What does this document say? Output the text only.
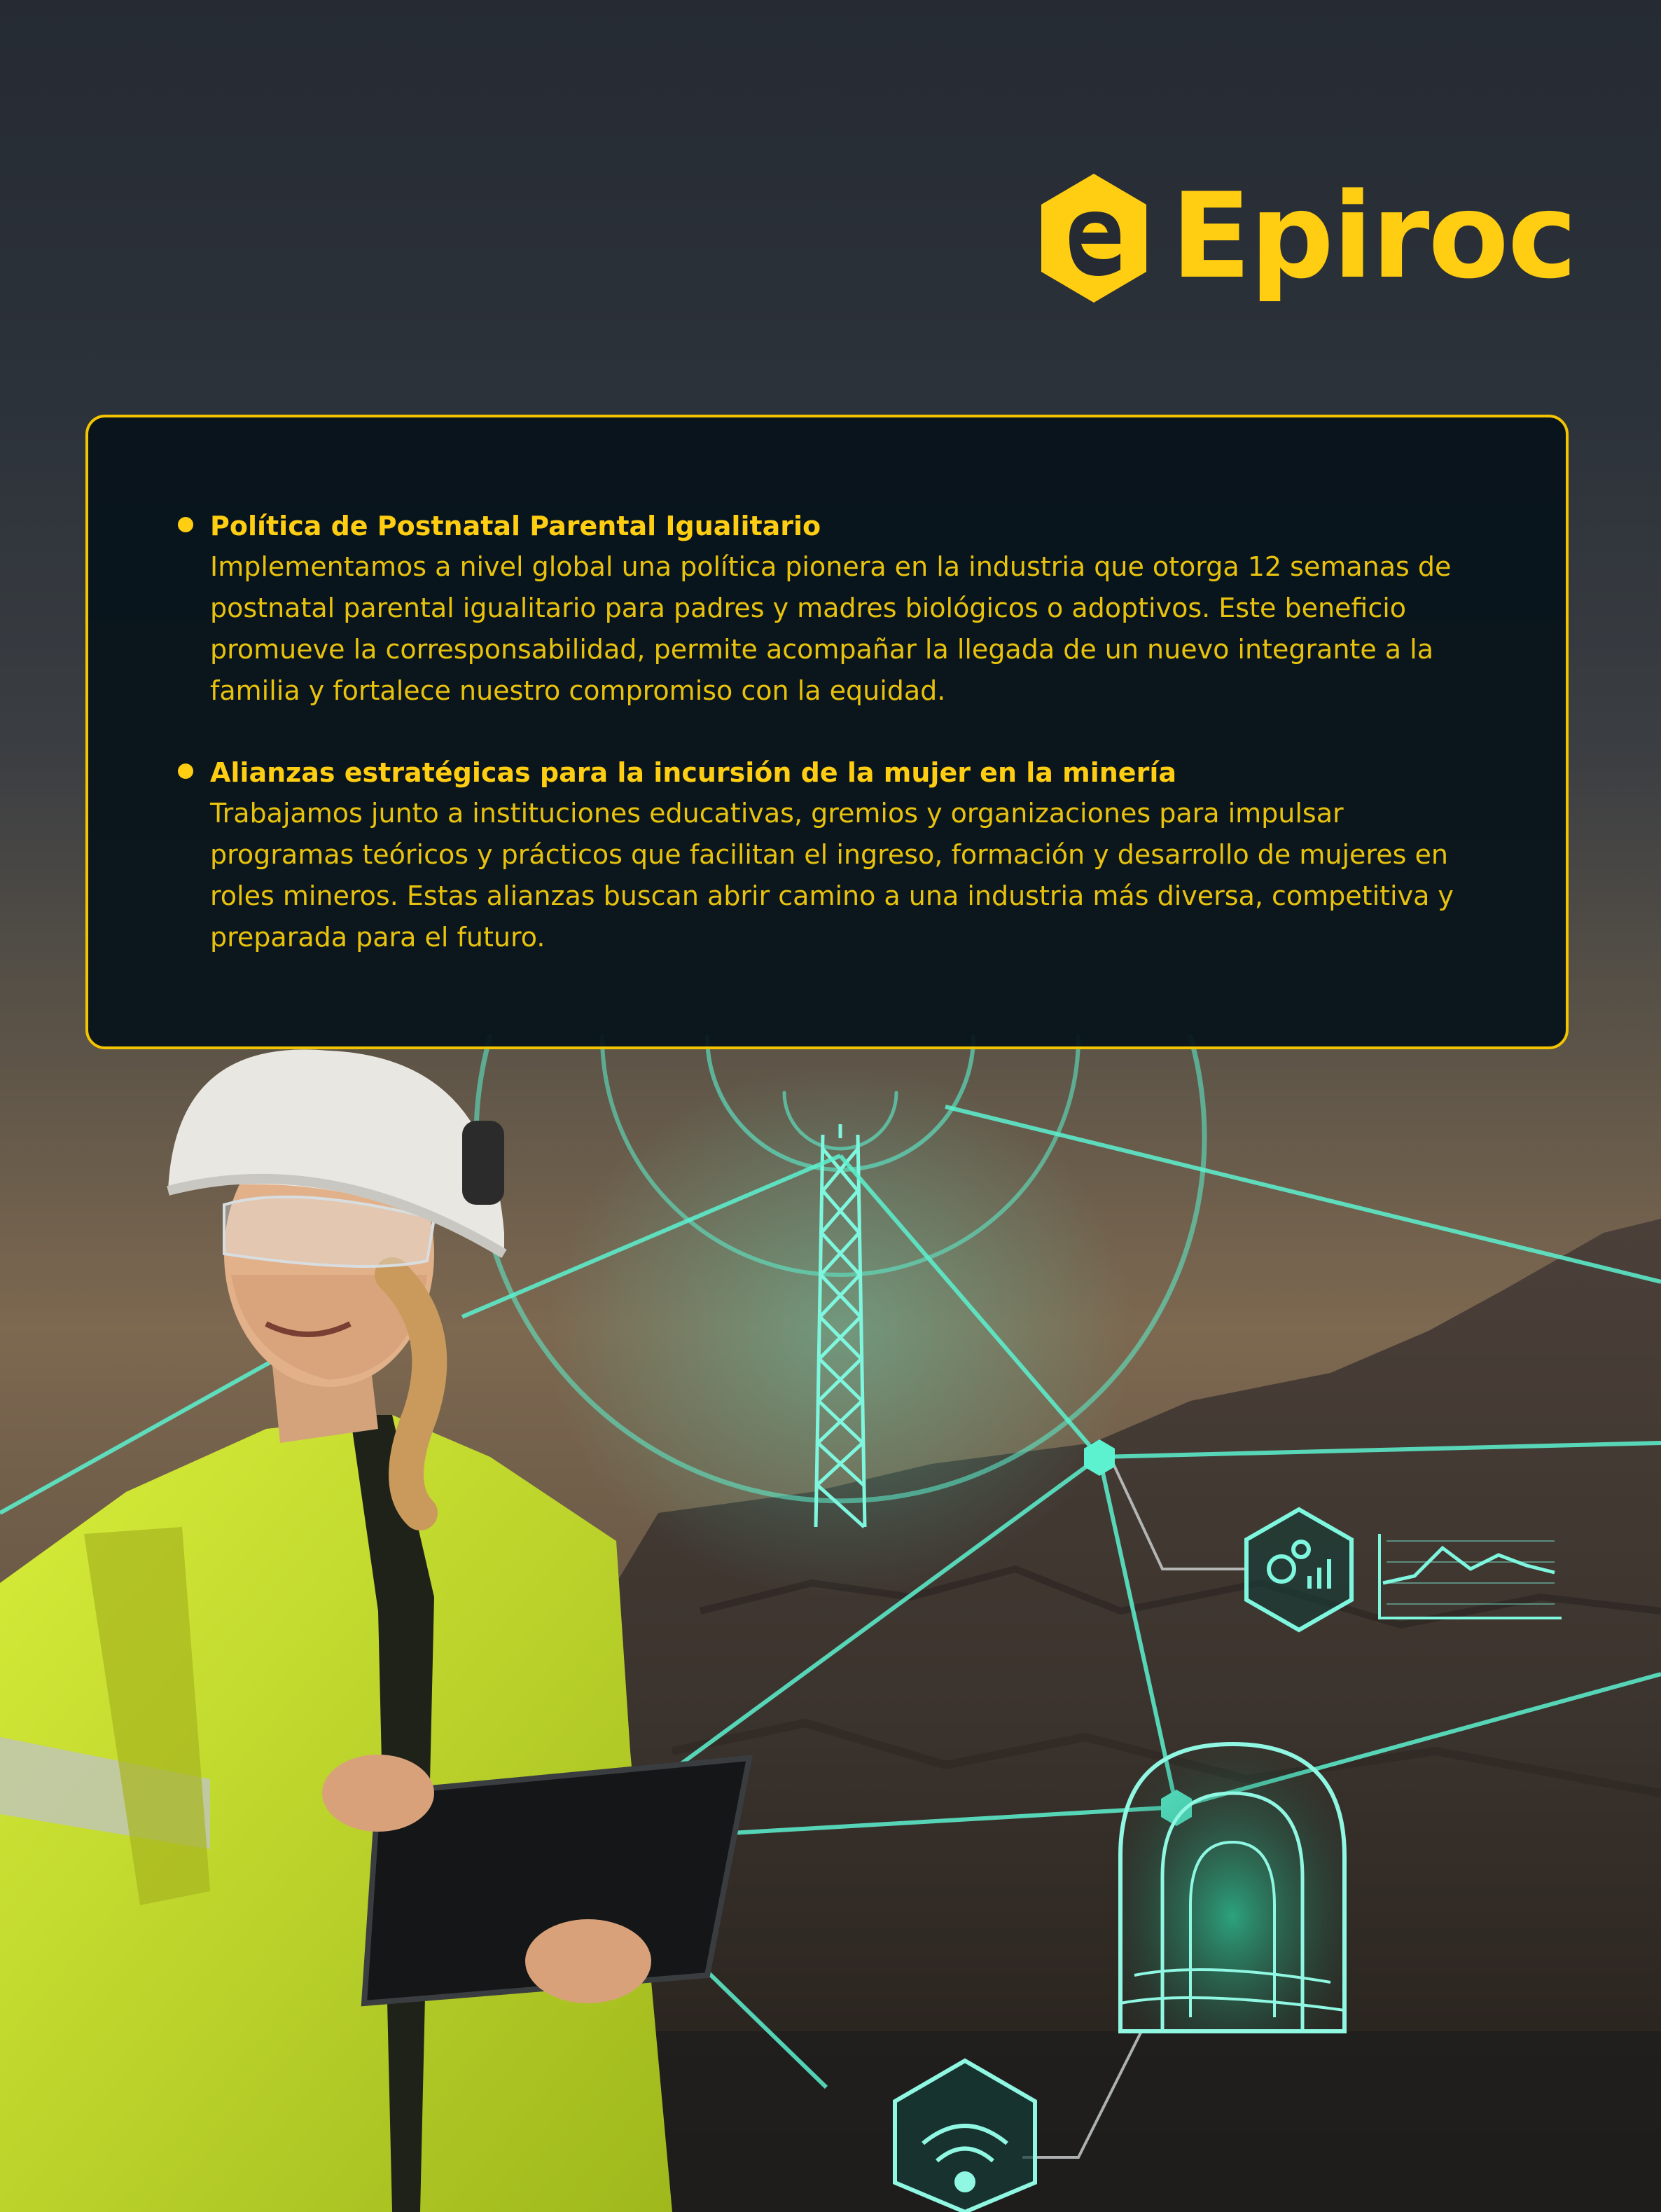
Epiroc
Política de Postnatal Parental Igualitario
Implementamos a nivel global una política pionera en la industria que otorga 12 semanas de
postnatal parental igualitario para padres y madres biológicos o adoptivos. Este beneficio
promueve la corresponsabilidad, permite acompañar la llegada de un nuevo integrante a la
familia y fortalece nuestro compromiso con la equidad.
Alianzas estratégicas para la incursión de la mujer en la minería
Trabajamos junto a instituciones educativas, gremios y organizaciones para impulsar
programas teóricos y prácticos que facilitan el ingreso, formación y desarrollo de mujeres en
roles mineros. Estas alianzas buscan abrir camino a una industria más diversa, competitiva y
preparada para el futuro.
